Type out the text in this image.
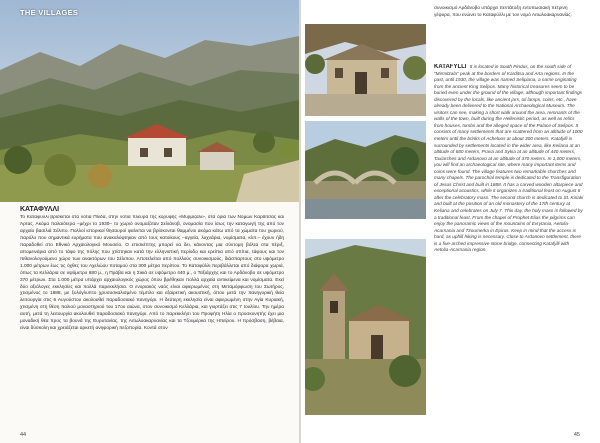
THE VILLAGES
ΚΑΤΑΦΥΛΛΙ
Το Καταφύλλι βρίσκεται στα νότια Πίνδα, στην νότια πλευρά της κορυφής «Μυρμίζαλι», στα όρια των Νομών Καρδίτσας και Άρτας. Ακόμα παλαιότερα –μέχρι το 1930– το χωριό ονομαζόταν Σελιάνοβ, ονομασία που ίσως την καταγωγή της από τον αρχαίο βασιλιά Σέλιπο. Πολλοί ιστορικοί θησαυροί φαίνεται να βρίσκονται θαμμένοι ακόμα κάτω από τα χώματα του χωριού, παρόλο που σημαντικά ευρήματα που ανακαλύφτηκαν από τους κατοίκους –αγγεία, λυχνάρια, νομίσματα, κλπ.– έχουν ήδη παραδοθεί στο Εθνικό Αρχαιολογικό Μουσείο. Ο επισκέπτης μπορεί να δει, κάνοντας μια σύντομη βόλτα στα πέριξ, απομεινάρια από το τάφο της πόλης που χτίστηκαν κατά την ελληνιστική περίοδο και ερείπια από σπίτια, τάφους και τον πιθανολογούμενο χώρο των ανακτόρων του Σέλιπου. Αποτελείται από πολλούς συνοικισμούς, διάσπαρτους στο υψόμετρο 1.000 μέτρων έως τις όχθες του Αχελώου ποταμού στα 300 μέτρα περίπου. Το Καταφύλλι περιβάλλεται από διάφορα χωριά, όπως τα Κελλάρια σε υψόμετρο 680 μ., η Πράβα και η Σικιά σε υψόμετρο 440 μ., ο Ταξιάρχης και το Αρδάνοβο σε υψόμετρο 370 μέτρων. Στα 1.000 μέτρα υπάρχει αρχαιολογικός χώρος όπου βρέθηκαν πολλά αρχαία αντικείμενα και νομίσματα. Εκεί δύο αξιόλογες εκκλησίες και πολλά παρεκκλήσια. Ο ενοριακός ναός είναι αφιερωμένος στη Μεταμόρφωση του Σωτήρος, χτισμένος το 1888, με ξυλόγλυπτο χρυσοσκαλισμένο τέμπλο και εξαιρετική ακουστική, όπου μετά την πανηγυρική θεία λειτουργία στις 6 Αυγούστου ακολουθεί παραδοσιακό πανηγύρι. Η δεύτερη εκκλησία είναι αφιερωμένη στην Αγία Κυριακή, χτισμένη στη θέση παλιού μοναστηριού του 17ου αιώνα, στον συνοικισμό Κελλάρια, και γιορτάζει στις 7 Ιουλίου. Την ημέρα αυτή, μετά τη λειτουργία ακολουθεί παραδοσιακό πανηγύρι. Από το παρεκκλήσι του Προφήτη Ηλία ο προσκυνητής έχει μια μοναδική θέα προς τα βουνά της Ευρυτανίας, της Αιτωλοακαρνανίας και τα Τζουμέρκα της Ηπείρου. Η πρόσβαση, βέβαια, είναι δύσκολη και χρειάζεται αρκετή ανηφορική πεζοπορία. Κοντά στον
44
συνοικισμό Αρδάνοβο υπάρχει πεντάτοξη εντυπωσιακή πέτρινη γέφυρα, που ενώνει το Καταφύλλι με τον νομό Αιτωλοακαρνανίας.
KATAFYLLI It is located in South Pindus, on the south side of "Mirmitzala" peak at the borders of Karditsa and Arta regions. In the past, until 1930, the village was named Selipiana, a name originating from the ancient King Selipos. Many historical treasures seem to be buried even under the ground of the village, although important findings discovered by the locals, like ancient jars, oil lamps, coins, etc., have already been delivered to the National Archaeological Museum. The visitors can see, making a short walk around the area, remnants of the walls of the town, built during the Hellenistic period, as well as relics from houses, tombs and the alleged space of the Palace of Selipos. It consists of many settlements that are scattered from an altitude of 1000 meters until the brinks of Acheloos at about 300 meters. Katafylli is surrounded by settlements located in the wider area, like Keliana at an altitude of 680 meters, Prava and Sykia at an altitude of 440 meters, Taxiarches and Ardanovo at an altitude of 370 meters. In 1,000 meters, you will find an archaeological site, where many important items and coins were found. The village features two remarkable churches and many chapels. The parochial temple is dedicated to the Transfiguration of Jesus Christ and built in 1888. It has a carved wooden altarpiece and exceptional acoustics, while it organizes a traditional feast on August 6 after the celebratory mass. The second church is dedicated to St. Kiriaki and built at the position of an old monastery of the 17th century at Keliana and celebrates on July 7. This day, the holy mass is followed by a traditional feast. From the chapel of Prophet Elias the pilgrims can enjoy the panoramic views of the mountains of Evrytania, Aetolia-Acarnania and Tzoumerka in Epirus. Keep in mind that the access is hard, as uphill hiking is necessary. Close to Ardanovo settlement, there is a five-arched impressive stone bridge, connecting Katafylli with Aetolia-Acarnania region.
45
